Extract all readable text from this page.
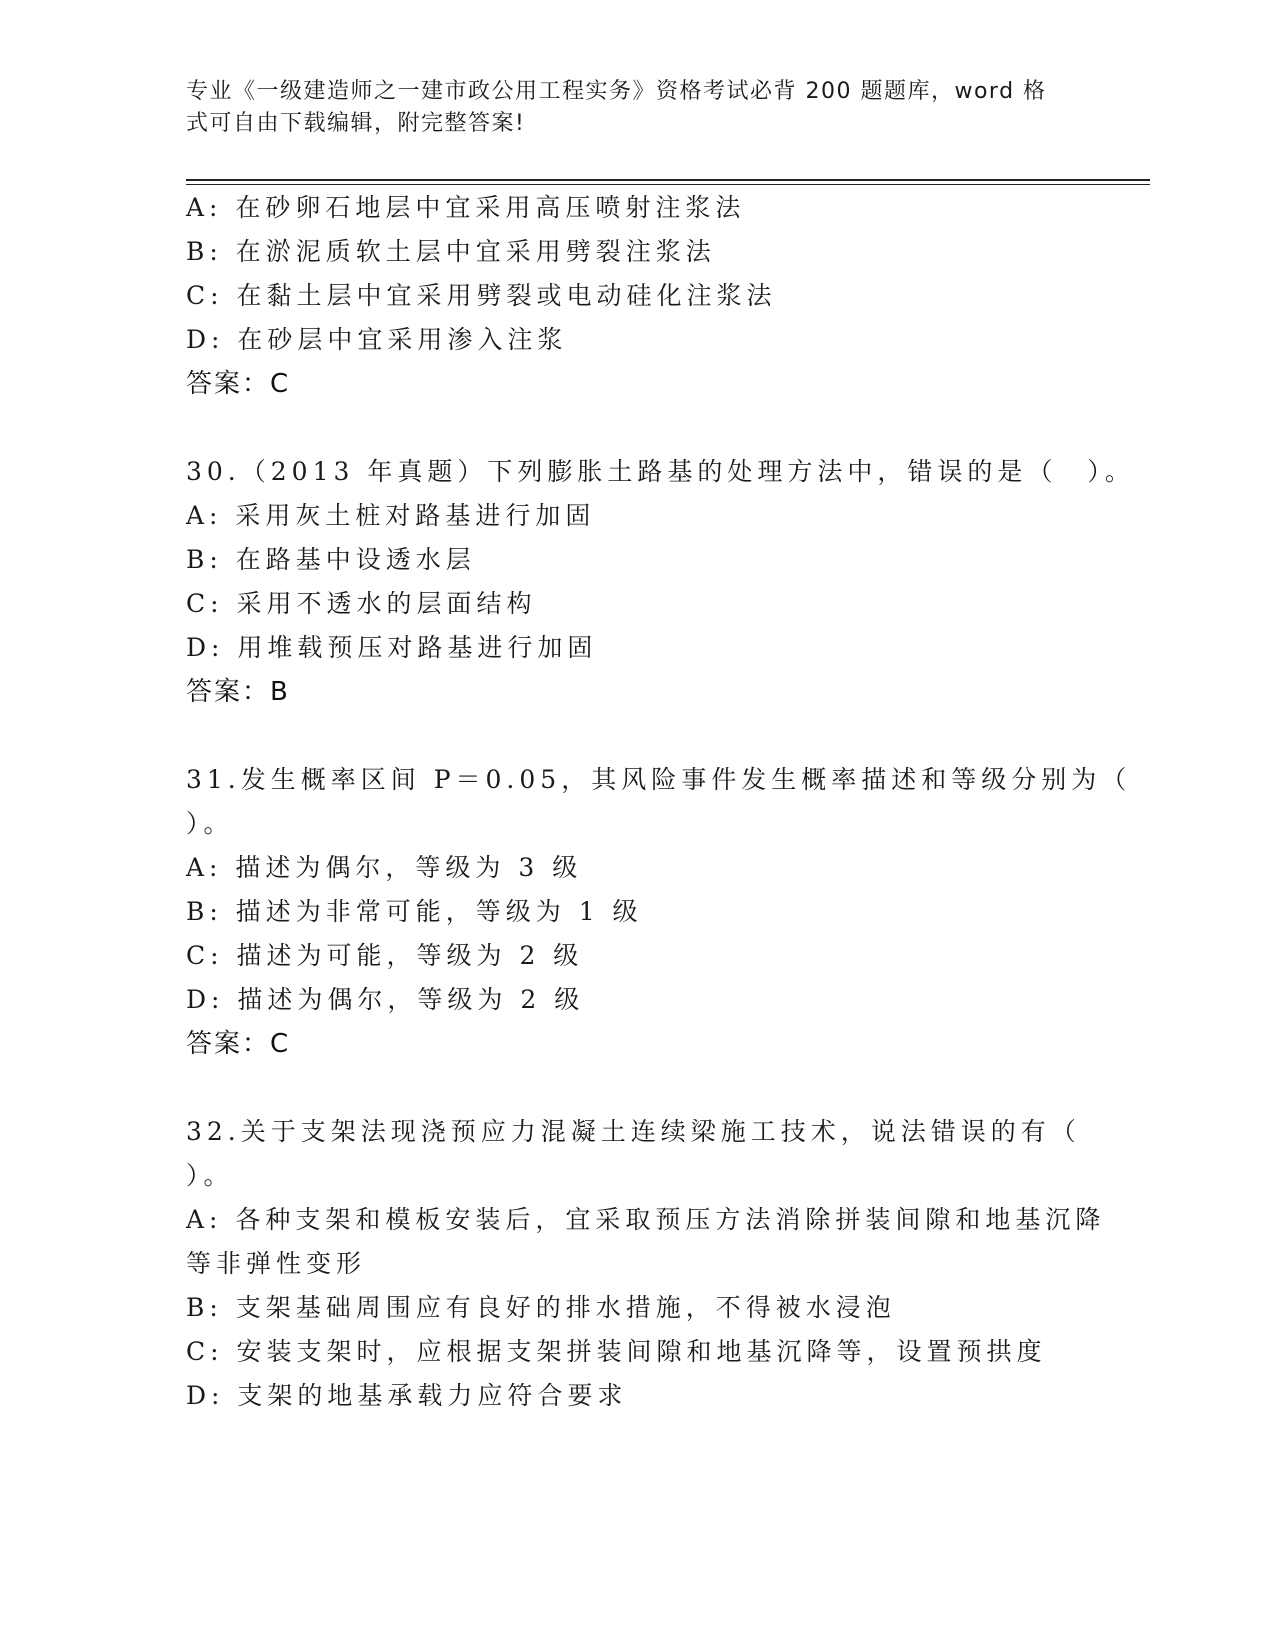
专业《一级建造师之一建市政公用工程实务》资格考试必背 200 题题库，word 格
式可自由下载编辑，附完整答案!
A: 在砂卵石地层中宜采用高压喷射注浆法
B: 在淤泥质软土层中宜采用劈裂注浆法
C: 在黏土层中宜采用劈裂或电动硅化注浆法
D: 在砂层中宜采用渗入注浆
答案：C
30.（2013 年真题）下列膨胀土路基的处理方法中，错误的是（　）。
A: 采用灰土桩对路基进行加固
B: 在路基中设透水层
C: 采用不透水的层面结构
D: 用堆载预压对路基进行加固
答案：B
31.发生概率区间 P＝0.05，其风险事件发生概率描述和等级分别为（
）。
A: 描述为偶尔，等级为 3 级
B: 描述为非常可能，等级为 1 级
C: 描述为可能，等级为 2 级
D: 描述为偶尔，等级为 2 级
答案：C
32.关于支架法现浇预应力混凝土连续梁施工技术，说法错误的有（
）。
A: 各种支架和模板安装后，宜采取预压方法消除拼装间隙和地基沉降
等非弹性变形
B: 支架基础周围应有良好的排水措施，不得被水浸泡
C: 安装支架时，应根据支架拼装间隙和地基沉降等，设置预拱度
D: 支架的地基承载力应符合要求
